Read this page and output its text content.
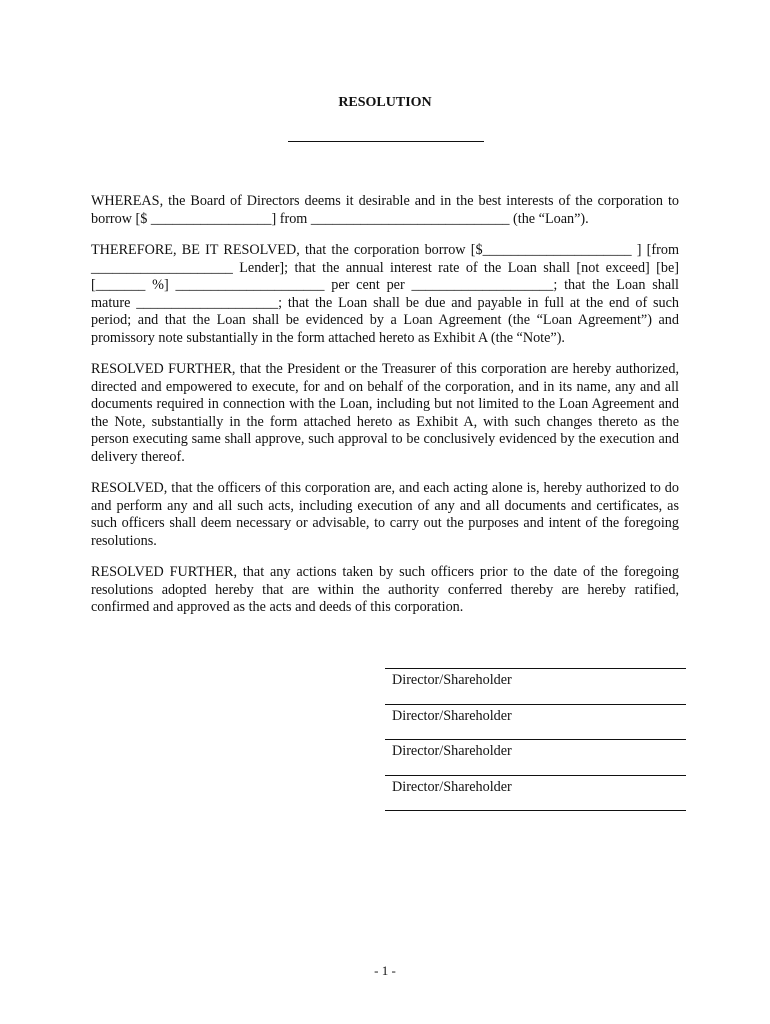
RESOLUTION

WHEREAS, the Board of Directors deems it desirable and in the best interests of the corporation to borrow [$ _________________] from ____________________________ (the “Loan”).

THEREFORE, BE IT RESOLVED, that the corporation borrow [$_____________________ ] [from ____________________ Lender]; that the annual interest rate of the Loan shall [not exceed] [be] [_______ %] _____________________ per cent per ____________________; that the Loan shall mature ____________________; that the Loan shall be due and payable in full at the end of such period; and that the Loan shall be evidenced by a Loan Agreement (the “Loan Agreement”) and promissory note substantially in the form attached hereto as Exhibit A (the “Note”).

RESOLVED FURTHER, that the President or the Treasurer of this corporation are hereby authorized, directed and empowered to execute, for and on behalf of the corporation, and in its name, any and all documents required in connection with the Loan, including but not limited to the Loan Agreement and the Note, substantially in the form attached hereto as Exhibit A, with such changes thereto as the person executing same shall approve, such approval to be conclusively evidenced by the execution and delivery thereof.

RESOLVED, that the officers of this corporation are, and each acting alone is, hereby authorized to do and perform any and all such acts, including execution of any and all documents and certificates, as such officers shall deem necessary or advisable, to carry out the purposes and intent of the foregoing resolutions.

RESOLVED FURTHER, that any actions taken by such officers prior to the date of the foregoing resolutions adopted hereby that are within the authority conferred thereby are hereby ratified, confirmed and approved as the acts and deeds of this corporation.

Director/Shareholder
Director/Shareholder
Director/Shareholder
Director/Shareholder
- 1 -
